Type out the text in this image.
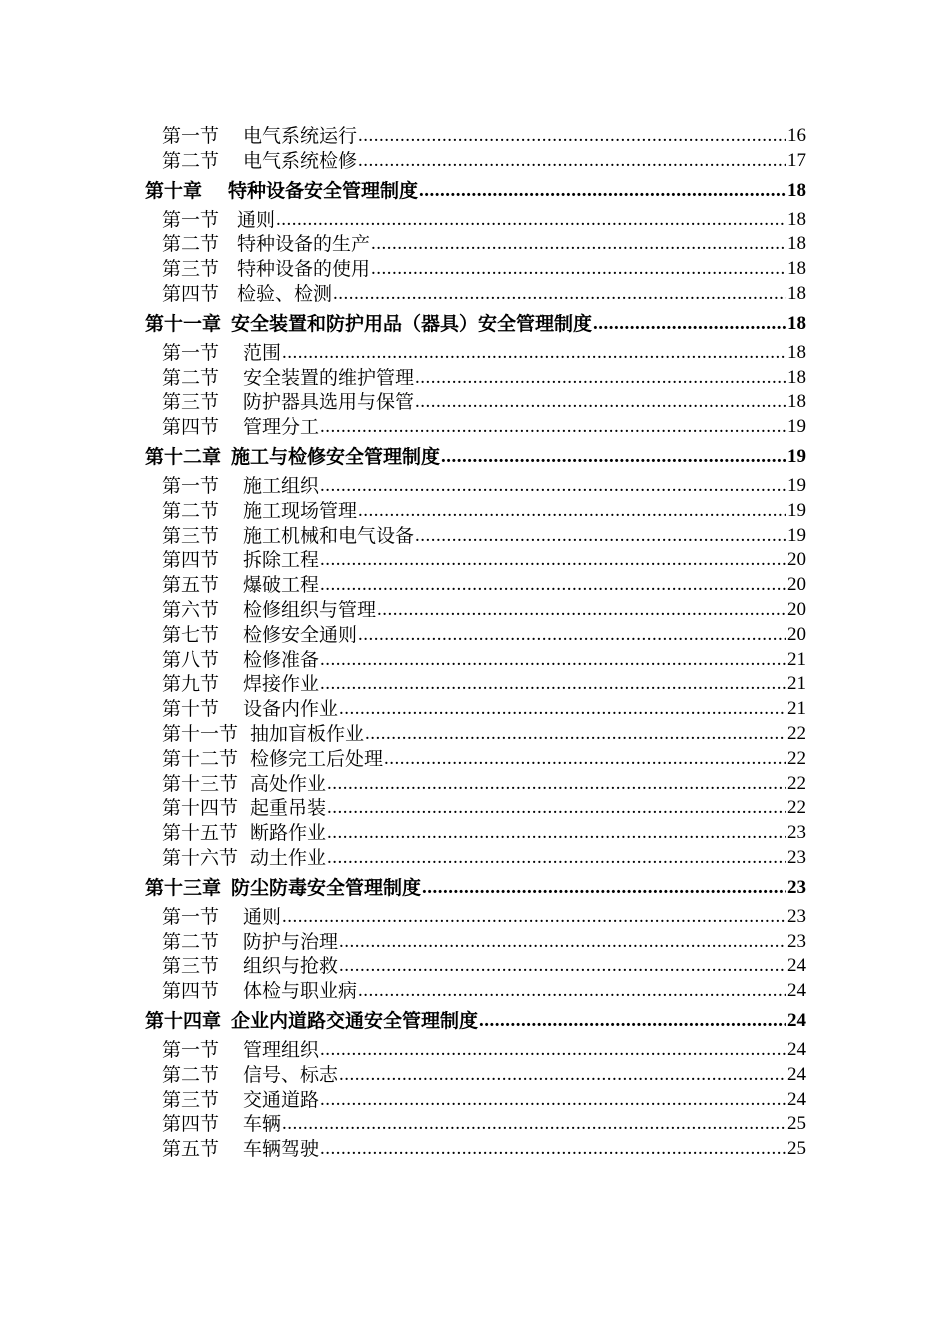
第一节 电气系统运行 .....	16
第二节 电气系统检修 .....	17
第十章 特种设备安全管理制度 .....	18
第一节 通则 .....	18
第二节 特种设备的生产 .....	18
第三节 特种设备的使用 .....	18
第四节 检验、检测 .....	18
第十一章 安全装置和防护用品（器具）安全管理制度 .....	18
第一节 范围 .....	18
第二节 安全装置的维护管理 .....	18
第三节 防护器具选用与保管 .....	18
第四节 管理分工 .....	19
第十二章 施工与检修安全管理制度 .....	19
第一节 施工组织 .....	19
第二节 施工现场管理 .....	19
第三节 施工机械和电气设备 .....	19
第四节 拆除工程 .....	20
第五节 爆破工程 .....	20
第六节 检修组织与管理 .....	20
第七节 检修安全通则 .....	20
第八节 检修准备 .....	21
第九节 焊接作业 .....	21
第十节 设备内作业 .....	21
第十一节 抽加盲板作业 .....	22
第十二节 检修完工后处理 .....	22
第十三节 高处作业 .....	22
第十四节 起重吊装 .....	22
第十五节 断路作业 .....	23
第十六节 动土作业 .....	23
第十三章 防尘防毒安全管理制度 .....	23
第一节 通则 .....	23
第二节 防护与治理 .....	23
第三节 组织与抢救 .....	24
第四节 体检与职业病 .....	24
第十四章 企业内道路交通安全管理制度 .....	24
第一节 管理组织 .....	24
第二节 信号、标志 .....	24
第三节 交通道路 .....	24
第四节 车辆 .....	25
第五节 车辆驾驶 .....	25
